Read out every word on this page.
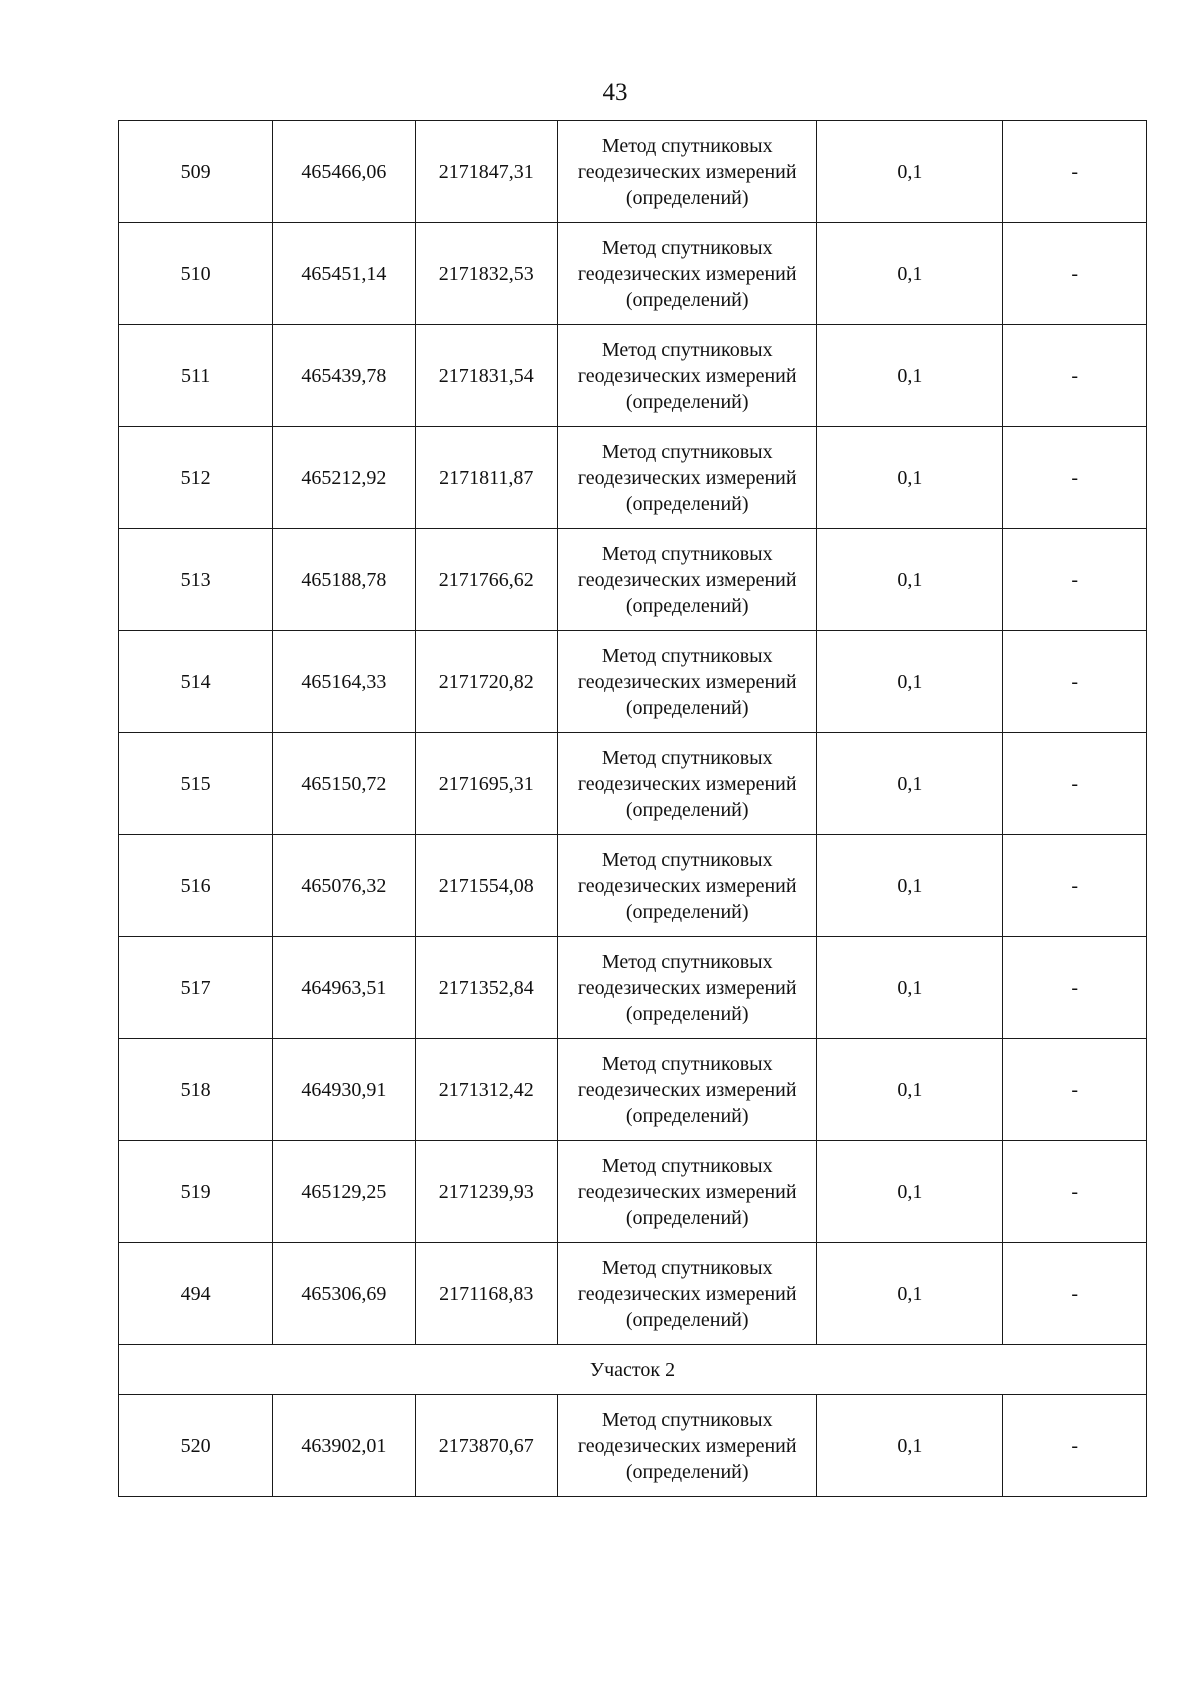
43
509	465466,06	2171847,31	Метод спутниковых
геодезических измерений
(определений)	0,1	-
510	465451,14	2171832,53	Метод спутниковых
геодезических измерений
(определений)	0,1	-
511	465439,78	2171831,54	Метод спутниковых
геодезических измерений
(определений)	0,1	-
512	465212,92	2171811,87	Метод спутниковых
геодезических измерений
(определений)	0,1	-
513	465188,78	2171766,62	Метод спутниковых
геодезических измерений
(определений)	0,1	-
514	465164,33	2171720,82	Метод спутниковых
геодезических измерений
(определений)	0,1	-
515	465150,72	2171695,31	Метод спутниковых
геодезических измерений
(определений)	0,1	-
516	465076,32	2171554,08	Метод спутниковых
геодезических измерений
(определений)	0,1	-
517	464963,51	2171352,84	Метод спутниковых
геодезических измерений
(определений)	0,1	-
518	464930,91	2171312,42	Метод спутниковых
геодезических измерений
(определений)	0,1	-
519	465129,25	2171239,93	Метод спутниковых
геодезических измерений
(определений)	0,1	-
494	465306,69	2171168,83	Метод спутниковых
геодезических измерений
(определений)	0,1	-
Участок 2					
520	463902,01	2173870,67	Метод спутниковых
геодезических измерений
(определений)	0,1	-
